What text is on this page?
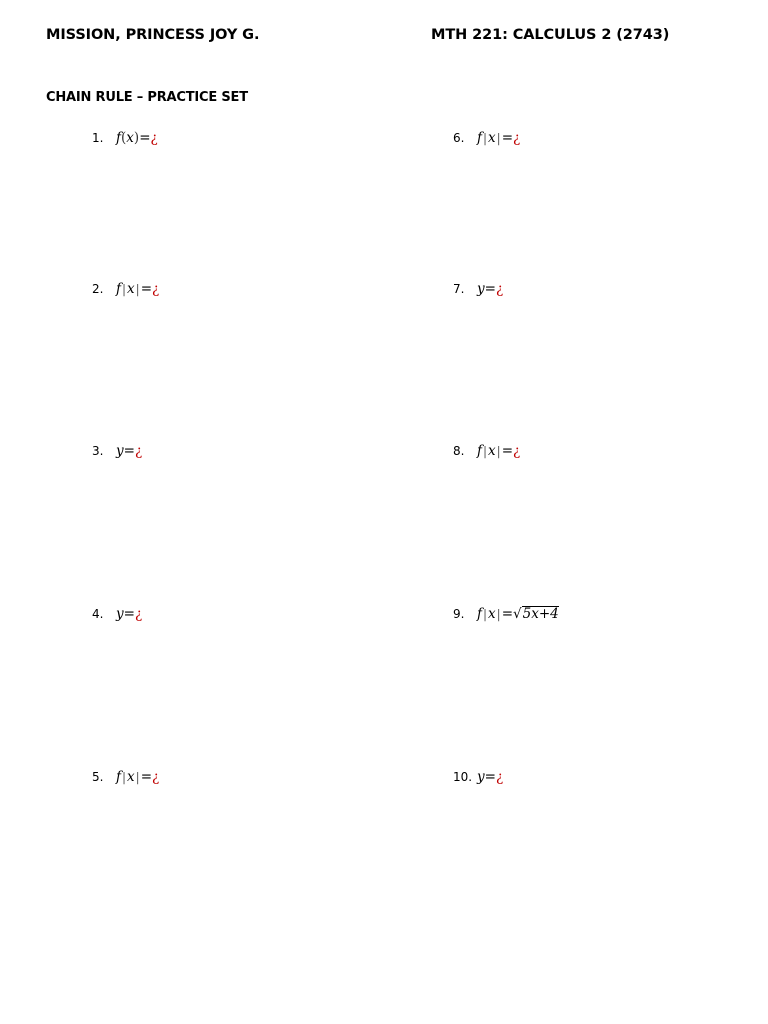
MISSION, PRINCESS JOY G.	MTH 221: CALCULUS 2 (2743)
CHAIN RULE – PRACTICE SET
1. f(x)=¿
2. f|x|=¿
3. y=¿
4. y=¿
5. f|x|=¿
6. f|x|=¿
7. y=¿
8. f|x|=¿
9. f|x|= √ 5x+4
10. y=¿
